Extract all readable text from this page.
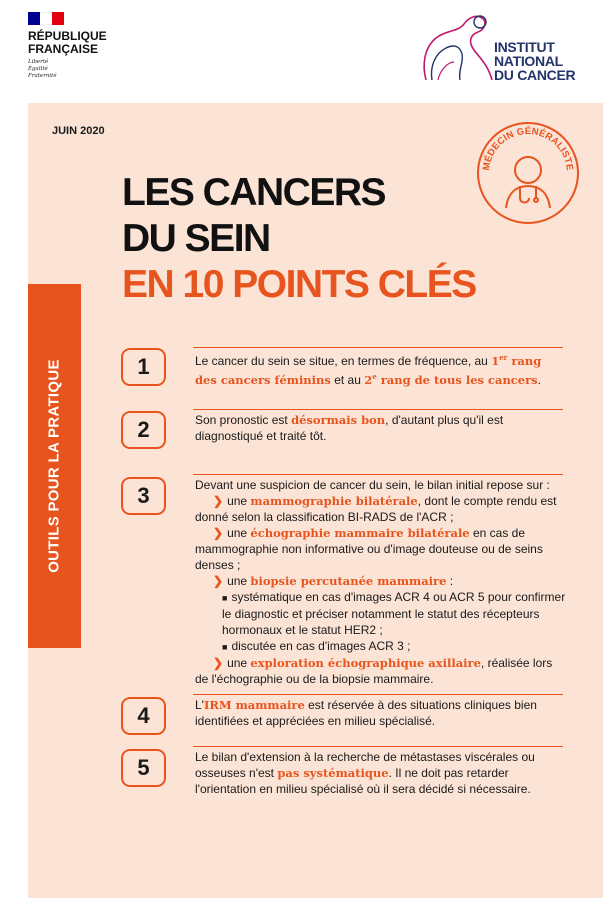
RÉPUBLIQUE
FRANÇAISE
Liberté
Égalité
Fraternité
INSTITUT
NATIONAL
DU CANCER
JUIN 2020
MÉDECIN GÉNÉRALISTE
LES CANCERS
DU SEIN
EN 10 POINTS CLÉS
OUTILS POUR LA PRATIQUE	1	Le cancer du sein se situe, en termes de fréquence, au 1er rang des cancers féminins et au 2e rang de tous les cancers.
2	Son pronostic est désormais bon, d'autant plus qu'il est diagnostiqué et traité tôt.
3	Devant une suspicion de cancer du sein, le bilan initial repose sur :
❯ une mammographie bilatérale, dont le compte rendu est donné selon la classification BI-RADS de l'ACR ;
❯ une échographie mammaire bilatérale en cas de mammographie non informative ou d'image douteuse ou de seins denses ;
❯ une biopsie percutanée mammaire :
■ systématique en cas d'images ACR 4 ou ACR 5 pour confirmer le diagnostic et préciser notamment le statut des récepteurs hormonaux et le statut HER2 ;
■ discutée en cas d'images ACR 3 ;
❯ une exploration échographique axillaire, réalisée lors de l'échographie ou de la biopsie mammaire.
4	L'IRM mammaire est réservée à des situations cliniques bien identifiées et appréciées en milieu spécialisé.
5	Le bilan d'extension à la recherche de métastases viscérales ou osseuses n'est pas systématique. Il ne doit pas retarder l'orientation en milieu spécialisé où il sera décidé si nécessaire.
